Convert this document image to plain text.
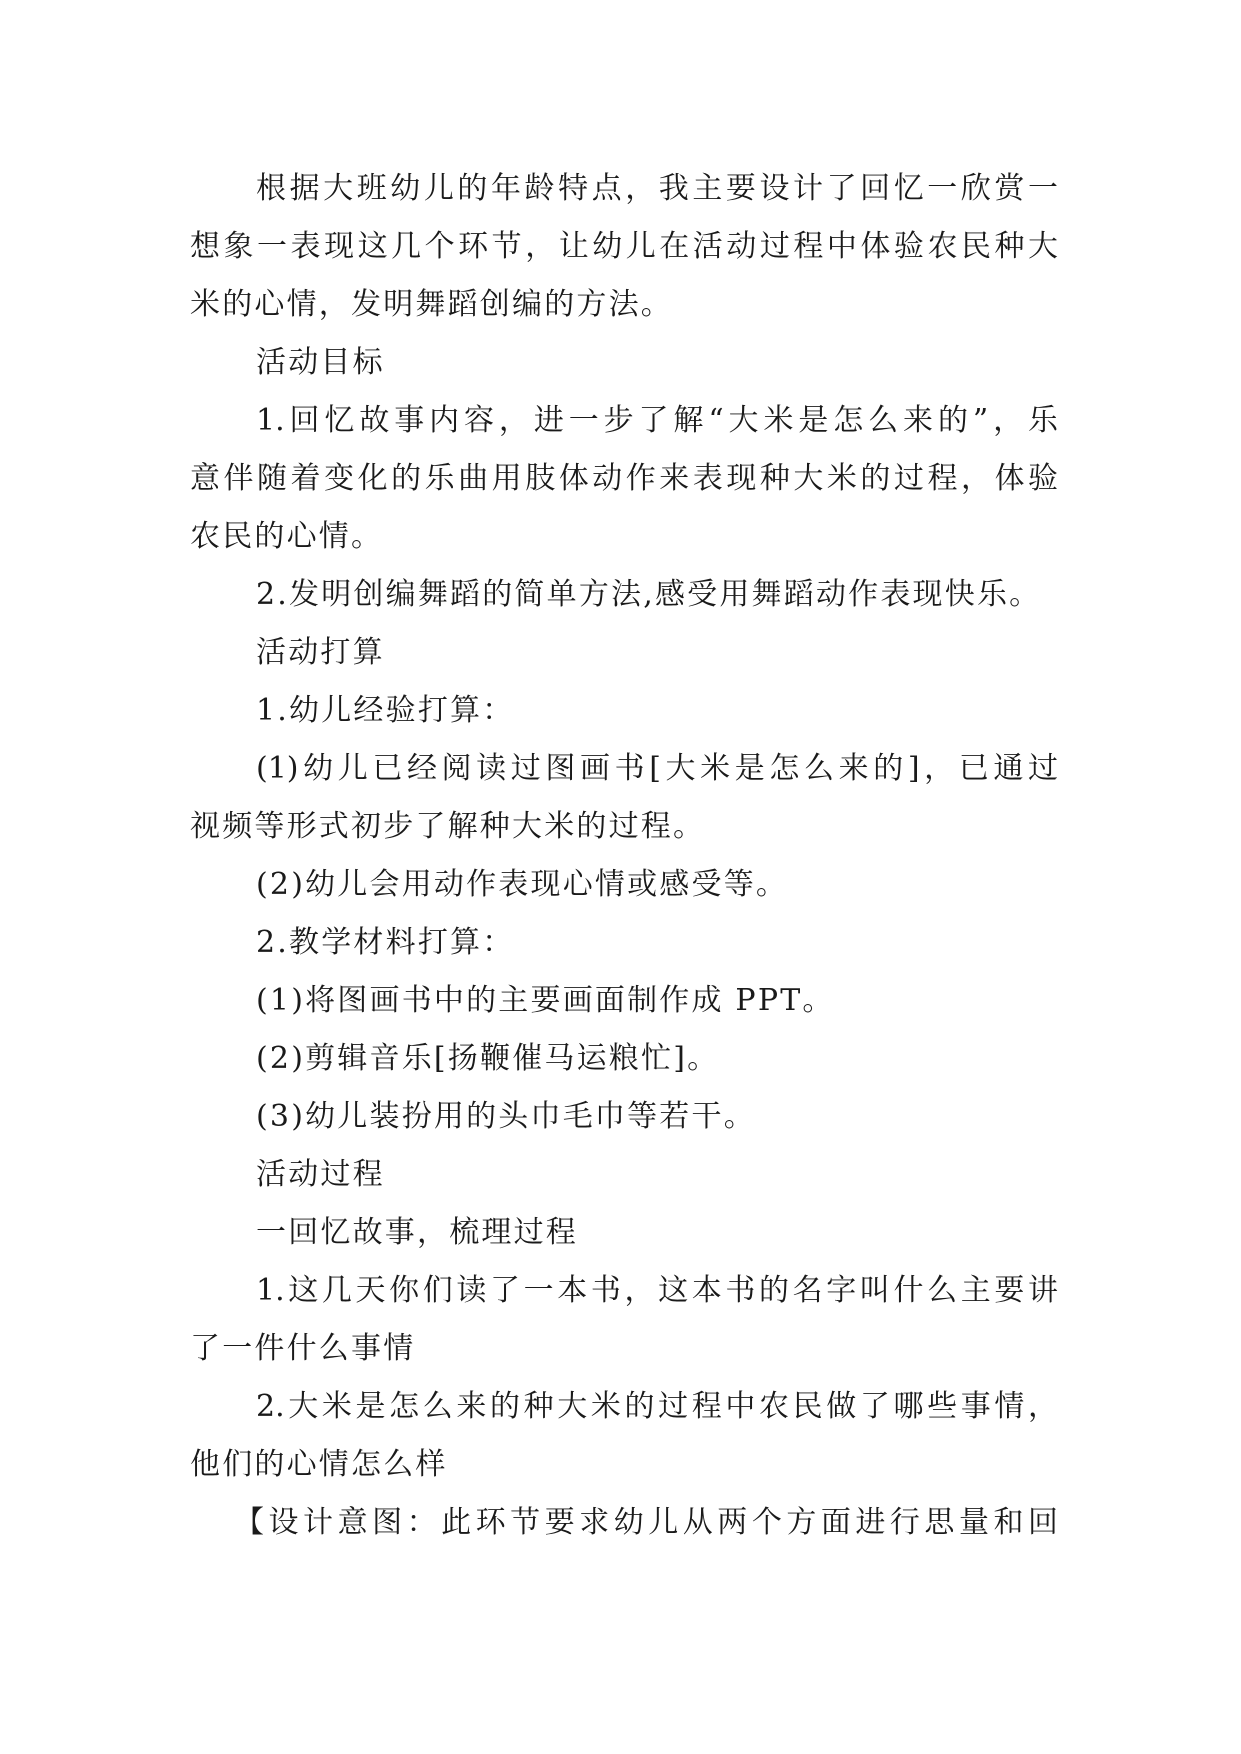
根据大班幼儿的年龄特点，我主要设计了回忆一欣赏一
想象一表现这几个环节，让幼儿在活动过程中体验农民种大
米的心情，发明舞蹈创编的方法。
活动目标
1.回忆故事内容，进一步了解“大米是怎么来的”，乐
意伴随着变化的乐曲用肢体动作来表现种大米的过程，体验
农民的心情。
2.发明创编舞蹈的简单方法,感受用舞蹈动作表现快乐。
活动打算
1.幼儿经验打算：
(1)幼儿已经阅读过图画书[大米是怎么来的]，已通过
视频等形式初步了解种大米的过程。
(2)幼儿会用动作表现心情或感受等。
2.教学材料打算：
(1)将图画书中的主要画面制作成 PPT。
(2)剪辑音乐[扬鞭催马运粮忙]。
(3)幼儿装扮用的头巾毛巾等若干。
活动过程
一回忆故事，梳理过程
1.这几天你们读了一本书，这本书的名字叫什么主要讲
了一件什么事情
2.大米是怎么来的种大米的过程中农民做了哪些事情，
他们的心情怎么样
【设计意图：此环节要求幼儿从两个方面进行思量和回
